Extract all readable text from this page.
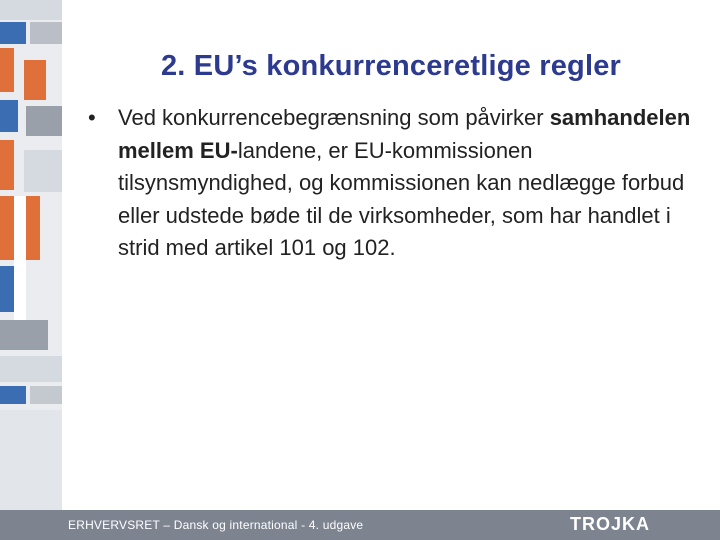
2. EU’s konkurrenceretlige regler
•	Ved konkurrencebegrænsning som påvirker samhandelen mellem EU-landene, er EU-kommissionen tilsynsmyndighed, og kommissionen kan nedlægge forbud eller udstede bøde til de virksomheder, som har handlet i strid med artikel 101 og 102.

ERHVERVSRET – Dansk og international - 4. udgave	TROJKA
